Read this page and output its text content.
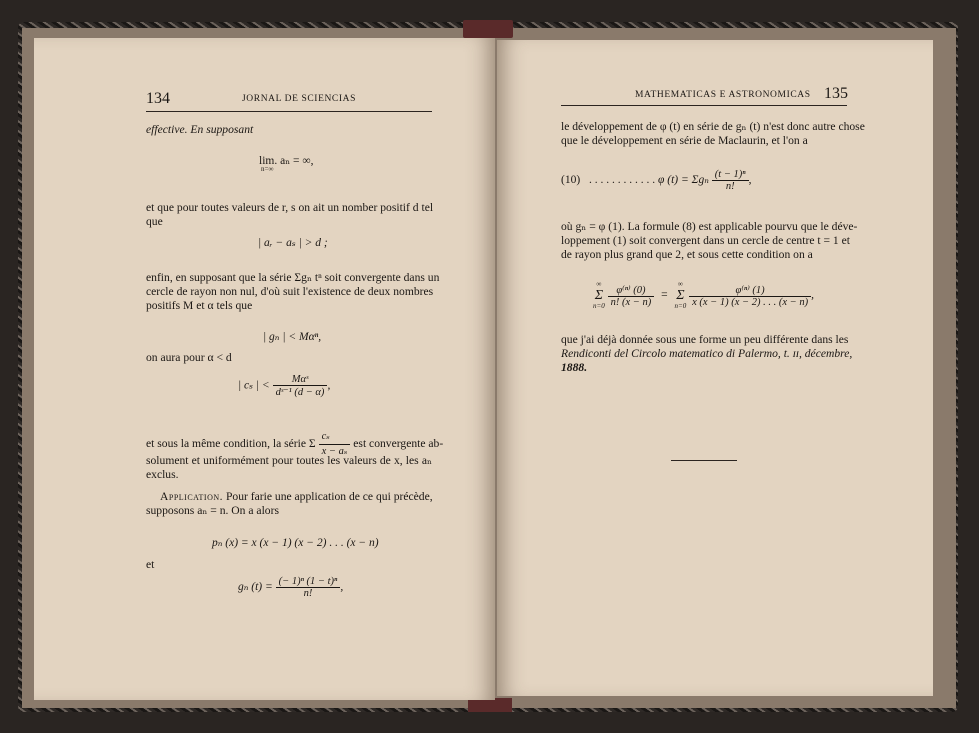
134	JORNAL DE SCIENCIAS
effective. En supposant
lim. aₙ = ∞,
n=∞
et que pour toutes valeurs de r, s on ait un nomber positif d tel
que
| aᵣ − aₛ | > d ;
enfin, en supposant que la série Σgₙ tⁿ soit convergente dans un
cercle de rayon non nul, d'où suit l'existence de deux nombres
positifs M et α tels que
| gₙ | < Mαⁿ,
on aura pour α < d
| cₛ | < $\frac{\text{Mαˢ}}{\text{dˢ⁻¹ (d − α)}}$ ,
et sous la même condition, la série Σ $\frac{\text{cₛ}}{\text{x − aₛ}}$ est convergente ab-
solument et uniformément pour toutes les valeurs de x, les aₙ
exclus.
Application. Pour farie une application de ce qui précède,
supposons aₙ = n. On a alors
pₙ (x) = x (x − 1) (x − 2) . . . (x − n)
et
gₙ $(t) = \frac{\text{(− 1)ⁿ (1 − t)ⁿ}}{n!}$ ,
MATHEMATICAS E ASTRONOMICAS 135
le développement de φ (t) en série de gₙ (t) n'est donc autre chose
que le développement en série de Maclaurin, et l'on a
(10) . . . . . . . . . . . . φ (t) = Σgₙ $\frac{\text{(t − 1)ⁿ}}{n!}$ ,
où gₙ = φ (1). La formule (8) est applicable pourvu que le déve-
loppement (1) soit convergent dans un cercle de centre t = 1 et
de rayon plus grand que 2, et sous cette condition on a
∞
Σ
n=0
$\frac{\text{φ⁽ⁿ⁾ (0)}}{n! (x - n)}$ =
∞
Σ
n=0
$\frac{\text{φ⁽ⁿ⁾ (1)}}{x (x - 1) (x - 2) . . . (x - n)}$ ,
que j'ai déjà donnée sous une forme un peu différente dans les
Rendiconti del Circolo matematico di Palermo, t. ɪɪ, décembre,
1888.
